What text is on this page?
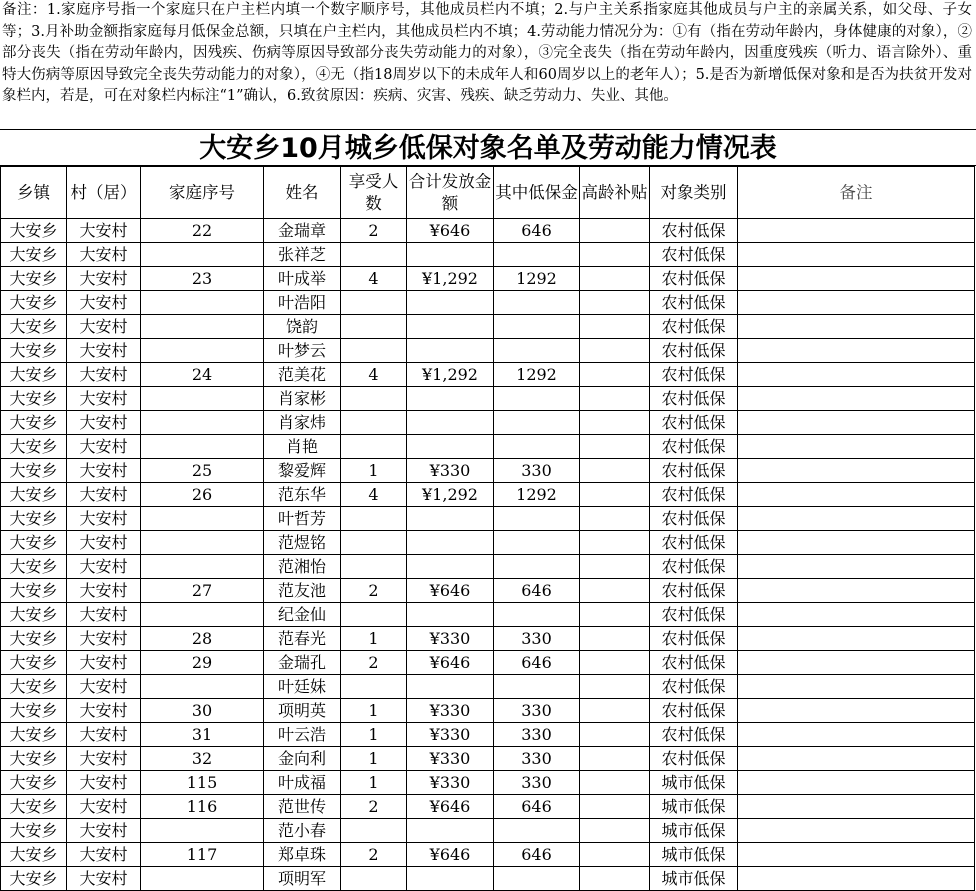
备注：1.家庭序号指一个家庭只在户主栏内填一个数字顺序号，其他成员栏内不填；2.与户主关系指家庭其他成员与户主的亲属关系，如父母、子女等；3.月补助金额指家庭每月低保金总额，只填在户主栏内，其他成员栏内不填；4.劳动能力情况分为：①有（指在劳动年龄内，身体健康的对象），②部分丧失（指在劳动年龄内，因残疾、伤病等原因导致部分丧失劳动能力的对象），③完全丧失（指在劳动年龄内，因重度残疾（听力、语言除外）、重特大伤病等原因导致完全丧失劳动能力的对象），④无（指18周岁以下的未成年人和60周岁以上的老年人）；5.是否为新增低保对象和是否为扶贫开发对象栏内，若是，可在对象栏内标注“1”确认，6.致贫原因：疾病、灾害、残疾、缺乏劳动力、失业、其他。

大安乡10月城乡低保对象名单及劳动能力情况表
乡镇	村（居）	家庭序号	姓名	享受人数	合计发放金额	其中低保金	高龄补贴	对象类别	备注
大安乡	大安村	22	金瑞章	2	¥646	646		农村低保	
大安乡	大安村		张祥芝					农村低保	
大安乡	大安村	23	叶成举	4	¥1,292	1292		农村低保	
大安乡	大安村		叶浩阳					农村低保	
大安乡	大安村		饶韵					农村低保	
大安乡	大安村		叶梦云					农村低保	
大安乡	大安村	24	范美花	4	¥1,292	1292		农村低保	
大安乡	大安村		肖家彬					农村低保	
大安乡	大安村		肖家炜					农村低保	
大安乡	大安村		肖艳					农村低保	
大安乡	大安村	25	黎爱辉	1	¥330	330		农村低保	
大安乡	大安村	26	范东华	4	¥1,292	1292		农村低保	
大安乡	大安村		叶哲芳					农村低保	
大安乡	大安村		范煜铭					农村低保	
大安乡	大安村		范湘怡					农村低保	
大安乡	大安村	27	范友池	2	¥646	646		农村低保	
大安乡	大安村		纪金仙					农村低保	
大安乡	大安村	28	范春光	1	¥330	330		农村低保	
大安乡	大安村	29	金瑞孔	2	¥646	646		农村低保	
大安乡	大安村		叶廷妹					农村低保	
大安乡	大安村	30	项明英	1	¥330	330		农村低保	
大安乡	大安村	31	叶云浩	1	¥330	330		农村低保	
大安乡	大安村	32	金向利	1	¥330	330		农村低保	
大安乡	大安村	115	叶成福	1	¥330	330		城市低保	
大安乡	大安村	116	范世传	2	¥646	646		城市低保	
大安乡	大安村		范小春					城市低保	
大安乡	大安村	117	郑卓珠	2	¥646	646		城市低保	
大安乡	大安村		项明军					城市低保	
